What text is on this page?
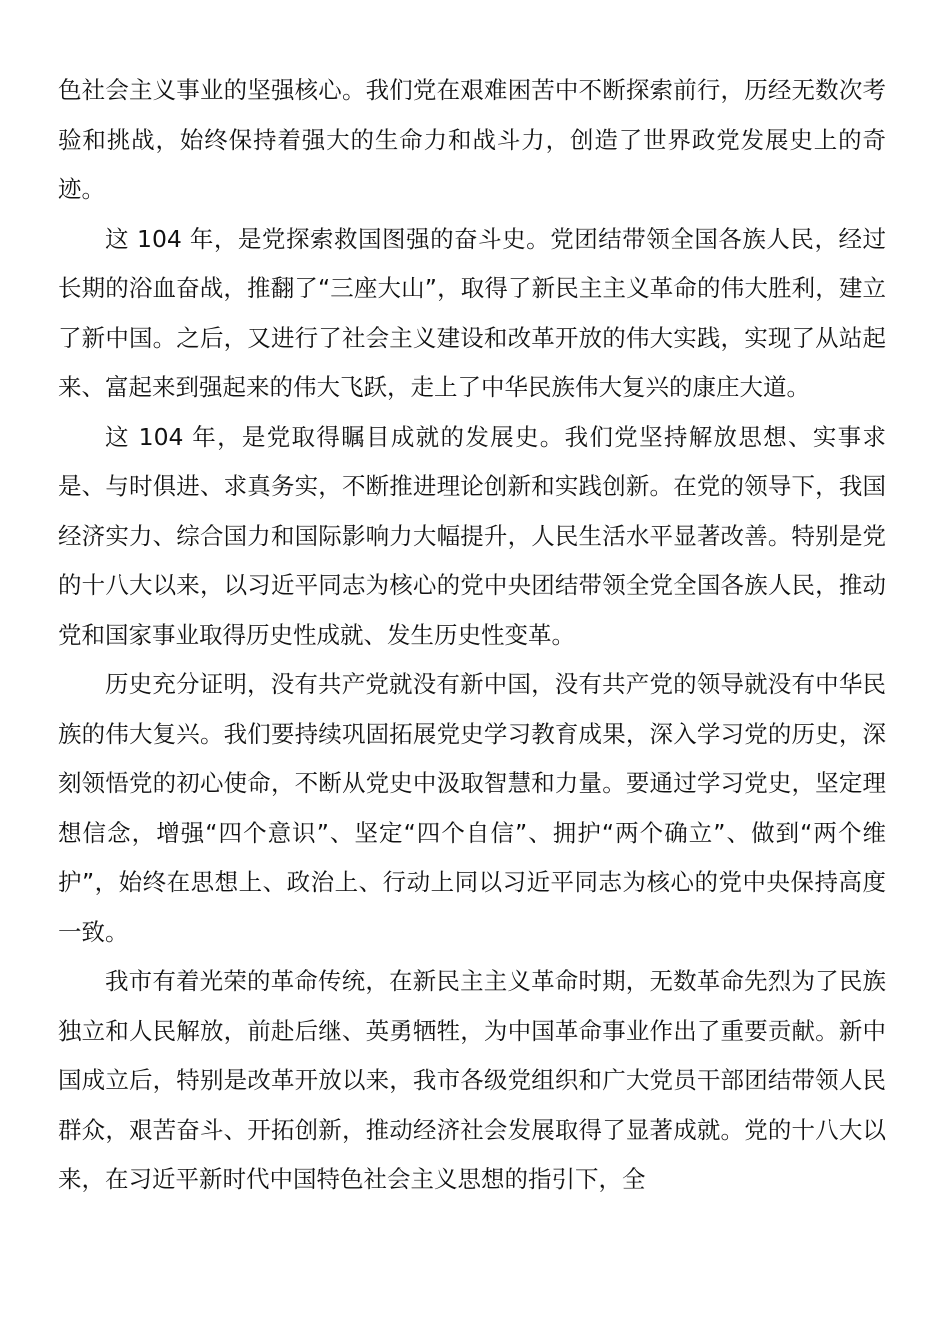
色社会主义事业的坚强核心。我们党在艰难困苦中不断探索前行，历经无数次考验和挑战，始终保持着强大的生命力和战斗力，创造了世界政党发展史上的奇迹。

这 104 年，是党探索救国图强的奋斗史。党团结带领全国各族人民，经过长期的浴血奋战，推翻了“三座大山”，取得了新民主主义革命的伟大胜利，建立了新中国。之后，又进行了社会主义建设和改革开放的伟大实践，实现了从站起来、富起来到强起来的伟大飞跃，走上了中华民族伟大复兴的康庄大道。

这 104 年，是党取得瞩目成就的发展史。我们党坚持解放思想、实事求是、与时俱进、求真务实，不断推进理论创新和实践创新。在党的领导下，我国经济实力、综合国力和国际影响力大幅提升，人民生活水平显著改善。特别是党的十八大以来，以习近平同志为核心的党中央团结带领全党全国各族人民，推动党和国家事业取得历史性成就、发生历史性变革。

历史充分证明，没有共产党就没有新中国，没有共产党的领导就没有中华民族的伟大复兴。我们要持续巩固拓展党史学习教育成果，深入学习党的历史，深刻领悟党的初心使命，不断从党史中汲取智慧和力量。要通过学习党史，坚定理想信念，增强“四个意识”、坚定“四个自信”、拥护“两个确立”、做到“两个维护”，始终在思想上、政治上、行动上同以习近平同志为核心的党中央保持高度一致。

我市有着光荣的革命传统，在新民主主义革命时期，无数革命先烈为了民族独立和人民解放，前赴后继、英勇牺牲，为中国革命事业作出了重要贡献。新中国成立后，特别是改革开放以来，我市各级党组织和广大党员干部团结带领人民群众，艰苦奋斗、开拓创新，推动经济社会发展取得了显著成就。党的十八大以来，在习近平新时代中国特色社会主义思想的指引下，全
